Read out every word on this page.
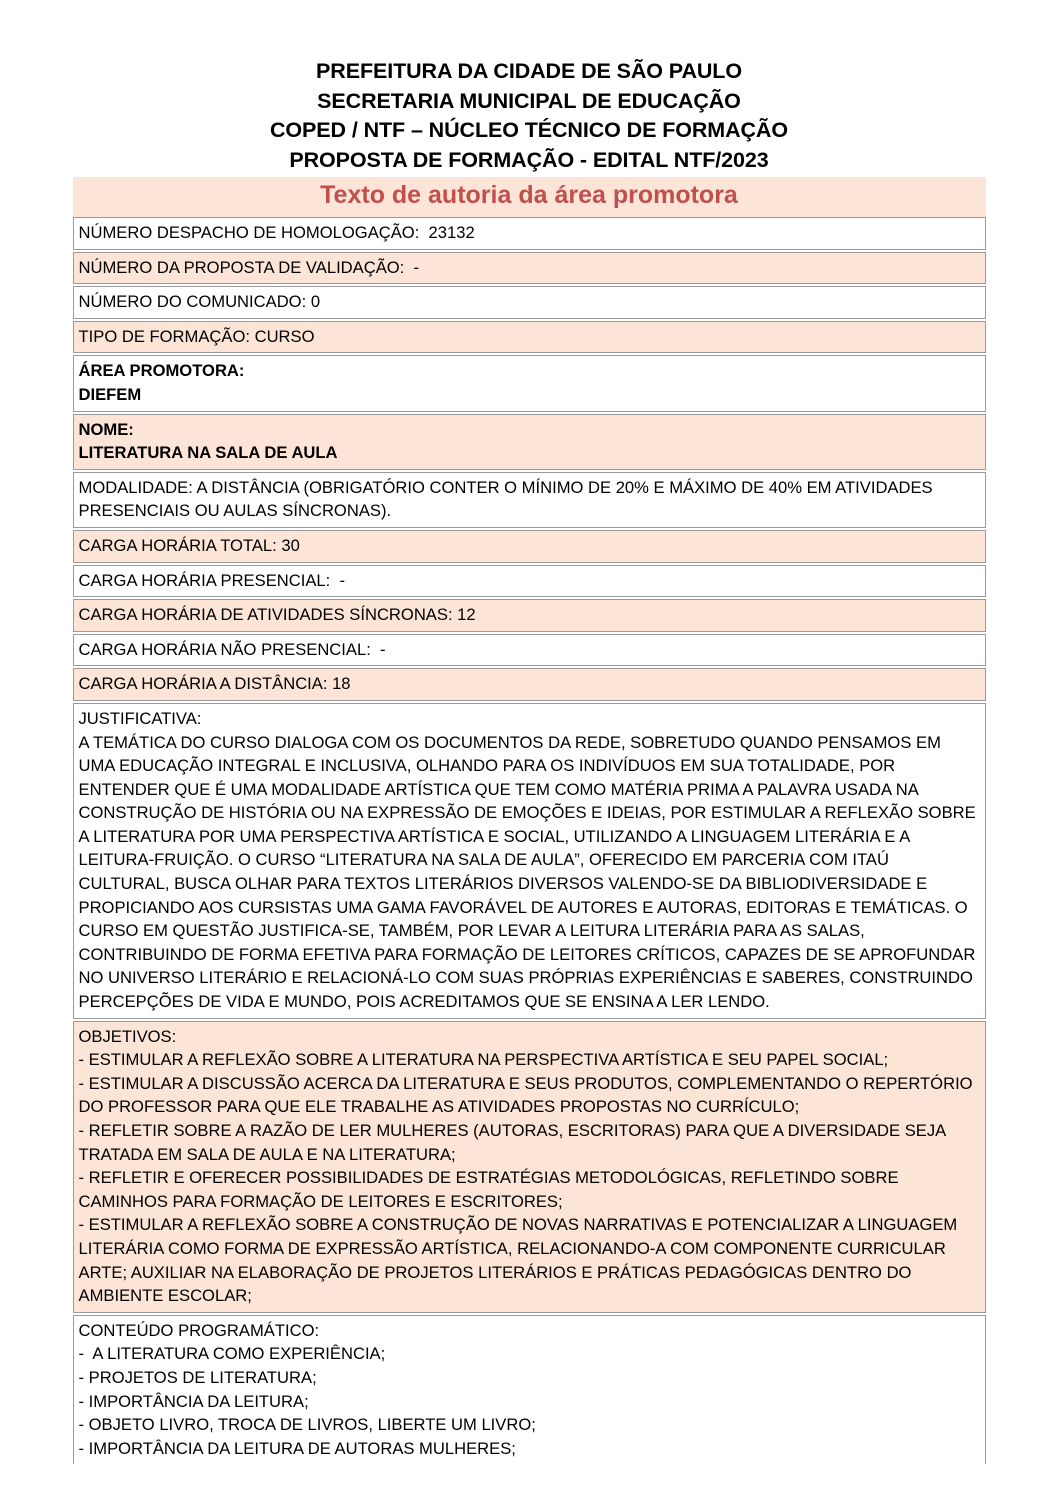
PREFEITURA DA CIDADE DE SÃO PAULO
SECRETARIA MUNICIPAL DE EDUCAÇÃO
COPED / NTF – NÚCLEO TÉCNICO DE FORMAÇÃO
PROPOSTA DE FORMAÇÃO - EDITAL NTF/2023
Texto de autoria da área promotora
NÚMERO DESPACHO DE HOMOLOGAÇÃO:  23132
NÚMERO DA PROPOSTA DE VALIDAÇÃO:  -
NÚMERO DO COMUNICADO: 0
TIPO DE FORMAÇÃO: CURSO
ÁREA PROMOTORA:
DIEFEM
NOME:
LITERATURA NA SALA DE AULA
MODALIDADE: A DISTÂNCIA (OBRIGATÓRIO CONTER O MÍNIMO DE 20% E MÁXIMO DE 40% EM ATIVIDADES PRESENCIAIS OU AULAS SÍNCRONAS).
CARGA HORÁRIA TOTAL: 30
CARGA HORÁRIA PRESENCIAL:  -
CARGA HORÁRIA DE ATIVIDADES SÍNCRONAS: 12
CARGA HORÁRIA NÃO PRESENCIAL:  -
CARGA HORÁRIA A DISTÂNCIA: 18
JUSTIFICATIVA:
A TEMÁTICA DO CURSO DIALOGA COM OS DOCUMENTOS DA REDE, SOBRETUDO QUANDO PENSAMOS EM UMA EDUCAÇÃO INTEGRAL E INCLUSIVA, OLHANDO PARA OS INDIVÍDUOS EM SUA TOTALIDADE, POR ENTENDER QUE É UMA MODALIDADE ARTÍSTICA QUE TEM COMO MATÉRIA PRIMA A PALAVRA USADA NA CONSTRUÇÃO DE HISTÓRIA OU NA EXPRESSÃO DE EMOÇÕES E IDEIAS, POR ESTIMULAR A REFLEXÃO SOBRE A LITERATURA POR UMA PERSPECTIVA ARTÍSTICA E SOCIAL, UTILIZANDO A LINGUAGEM LITERÁRIA E A LEITURA-FRUIÇÃO. O CURSO “LITERATURA NA SALA DE AULA”, OFERECIDO EM PARCERIA COM ITAÚ CULTURAL, BUSCA OLHAR PARA TEXTOS LITERÁRIOS DIVERSOS VALENDO-SE DA BIBLIODIVERSIDADE E PROPICIANDO AOS CURSISTAS UMA GAMA FAVORÁVEL DE AUTORES E AUTORAS, EDITORAS E TEMÁTICAS. O CURSO EM QUESTÃO JUSTIFICA-SE, TAMBÉM, POR LEVAR A LEITURA LITERÁRIA PARA AS SALAS, CONTRIBUINDO DE FORMA EFETIVA PARA FORMAÇÃO DE LEITORES CRÍTICOS, CAPAZES DE SE APROFUNDAR NO UNIVERSO LITERÁRIO E RELACIONÁ-LO COM SUAS PRÓPRIAS EXPERIÊNCIAS E SABERES, CONSTRUINDO PERCEPÇÕES DE VIDA E MUNDO, POIS ACREDITAMOS QUE SE ENSINA A LER LENDO.
OBJETIVOS:
- ESTIMULAR A REFLEXÃO SOBRE A LITERATURA NA PERSPECTIVA ARTÍSTICA E SEU PAPEL SOCIAL;
- ESTIMULAR A DISCUSSÃO ACERCA DA LITERATURA E SEUS PRODUTOS, COMPLEMENTANDO O REPERTÓRIO DO PROFESSOR PARA QUE ELE TRABALHE AS ATIVIDADES PROPOSTAS NO CURRÍCULO;
- REFLETIR SOBRE A RAZÃO DE LER MULHERES (AUTORAS, ESCRITORAS) PARA QUE A DIVERSIDADE SEJA TRATADA EM SALA DE AULA E NA LITERATURA;
- REFLETIR E OFERECER POSSIBILIDADES DE ESTRATÉGIAS METODOLÓGICAS, REFLETINDO SOBRE CAMINHOS PARA FORMAÇÃO DE LEITORES E ESCRITORES;
- ESTIMULAR A REFLEXÃO SOBRE A CONSTRUÇÃO DE NOVAS NARRATIVAS E POTENCIALIZAR A LINGUAGEM LITERÁRIA COMO FORMA DE EXPRESSÃO ARTÍSTICA, RELACIONANDO-A COM COMPONENTE CURRICULAR ARTE; AUXILIAR NA ELABORAÇÃO DE PROJETOS LITERÁRIOS E PRÁTICAS PEDAGÓGICAS DENTRO DO AMBIENTE ESCOLAR;
CONTEÚDO PROGRAMÁTICO:
-  A LITERATURA COMO EXPERIÊNCIA;
- PROJETOS DE LITERATURA;
- IMPORTÂNCIA DA LEITURA;
- OBJETO LIVRO, TROCA DE LIVROS, LIBERTE UM LIVRO;
- IMPORTÂNCIA DA LEITURA DE AUTORAS MULHERES;
